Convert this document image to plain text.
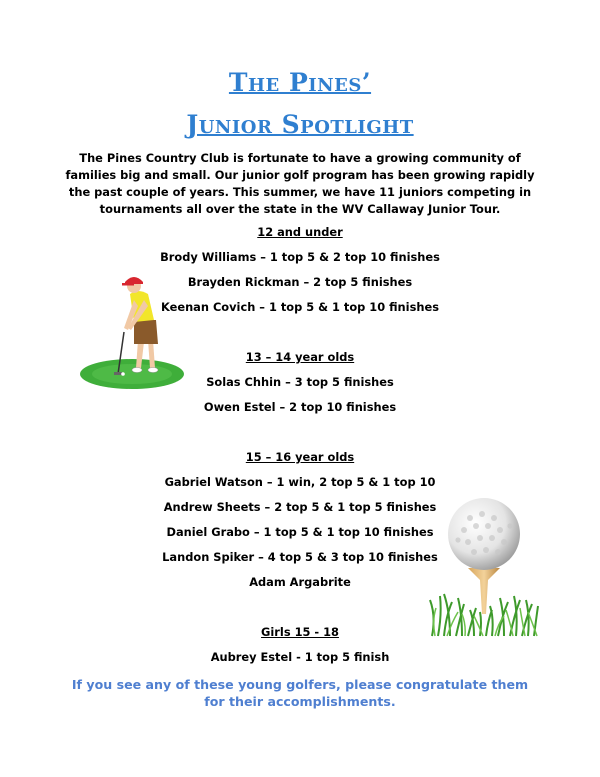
The Pines’
Junior Spotlight

The Pines Country Club is fortunate to have a growing community of families big and small. Our junior golf program has been growing rapidly the past couple of years. This summer, we have 11 juniors competing in tournaments all over the state in the WV Callaway Junior Tour.

12 and under

Brody Williams – 1 top 5 & 2 top 10 finishes

Brayden Rickman – 2 top 5 finishes

Keenan Covich – 1 top 5 & 1 top 10 finishes

13 – 14 year olds

Solas Chhin – 3 top 5 finishes

Owen Estel – 2 top 10 finishes

15 – 16 year olds

Gabriel Watson – 1 win, 2 top 5 & 1 top 10

Andrew Sheets – 2 top 5 & 1 top 5 finishes

Daniel Grabo – 1 top 5 & 1 top 10 finishes

Landon Spiker – 4 top 5 & 3 top 10 finishes

Adam Argabrite

Girls 15 - 18

Aubrey Estel - 1 top 5 finish

If you see any of these young golfers, please congratulate them for their accomplishments.
